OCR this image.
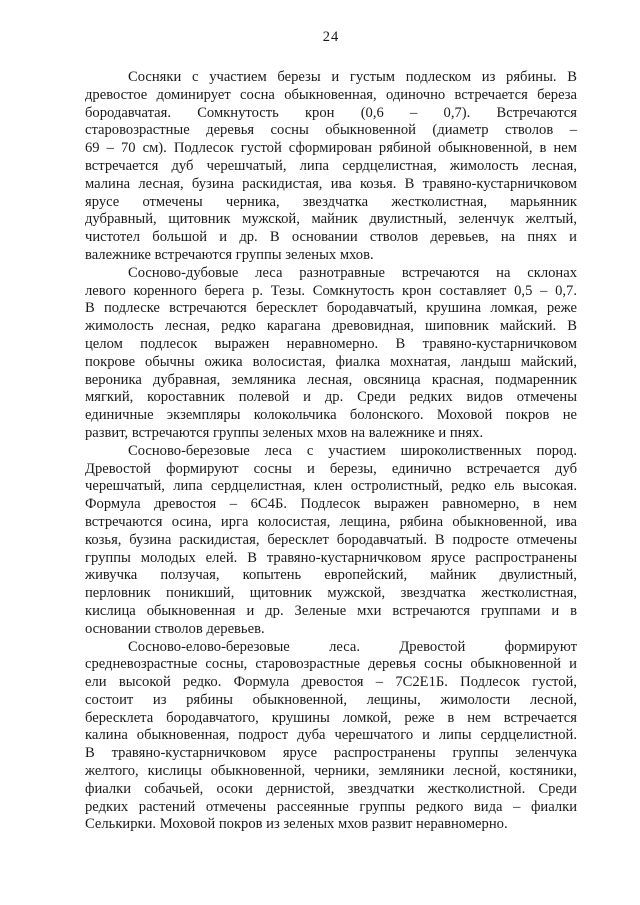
24
Сосняки с участием березы и густым подлеском из рябины. В
древостое доминирует сосна обыкновенная, одиночно встречается береза
бородавчатая. Сомкнутость крон (0,6 – 0,7). Встречаются
старовозрастные деревья сосны обыкновенной (диаметр стволов –
69 – 70 см). Подлесок густой сформирован рябиной обыкновенной, в нем
встречается дуб черешчатый, липа сердцелистная, жимолость лесная,
малина лесная, бузина раскидистая, ива козья. В травяно-кустарничковом
ярусе отмечены черника, звездчатка жестколистная, марьянник
дубравный, щитовник мужской, майник двулистный, зеленчук желтый,
чистотел большой и др. В основании стволов деревьев, на пнях и
валежнике встречаются группы зеленых мхов.
Сосново-дубовые леса разнотравные встречаются на склонах
левого коренного берега р. Тезы. Сомкнутость крон составляет 0,5 – 0,7.
В подлеске встречаются бересклет бородавчатый, крушина ломкая, реже
жимолость лесная, редко карагана древовидная, шиповник майский. В
целом подлесок выражен неравномерно. В травяно-кустарничковом
покрове обычны ожика волосистая, фиалка мохнатая, ландыш майский,
вероника дубравная, земляника лесная, овсяница красная, подмаренник
мягкий, короставник полевой и др. Среди редких видов отмечены
единичные экземпляры колокольчика болонского. Моховой покров не
развит, встречаются группы зеленых мхов на валежнике и пнях.
Сосново-березовые леса с участием широколиственных пород.
Древостой формируют сосны и березы, единично встречается дуб
черешчатый, липа сердцелистная, клен остролистный, редко ель высокая.
Формула древостоя – 6С4Б. Подлесок выражен равномерно, в нем
встречаются осина, ирга колосистая, лещина, рябина обыкновенной, ива
козья, бузина раскидистая, бересклет бородавчатый. В подросте отмечены
группы молодых елей. В травяно-кустарничковом ярусе распространены
живучка ползучая, копытень европейский, майник двулистный,
перловник поникший, щитовник мужской, звездчатка жестколистная,
кислица обыкновенная и др. Зеленые мхи встречаются группами и в
основании стволов деревьев.
Сосново-елово-березовые леса. Древостой формируют
средневозрастные сосны, старовозрастные деревья сосны обыкновенной и
ели высокой редко. Формула древостоя – 7С2Е1Б. Подлесок густой,
состоит из рябины обыкновенной, лещины, жимолости лесной,
бересклета бородавчатого, крушины ломкой, реже в нем встречается
калина обыкновенная, подрост дуба черешчатого и липы сердцелистной.
В травяно-кустарничковом ярусе распространены группы зеленчука
желтого, кислицы обыкновенной, черники, земляники лесной, костяники,
фиалки собачьей, осоки дернистой, звездчатки жестколистной. Среди
редких растений отмечены рассеянные группы редкого вида – фиалки
Селькирки. Моховой покров из зеленых мхов развит неравномерно.
